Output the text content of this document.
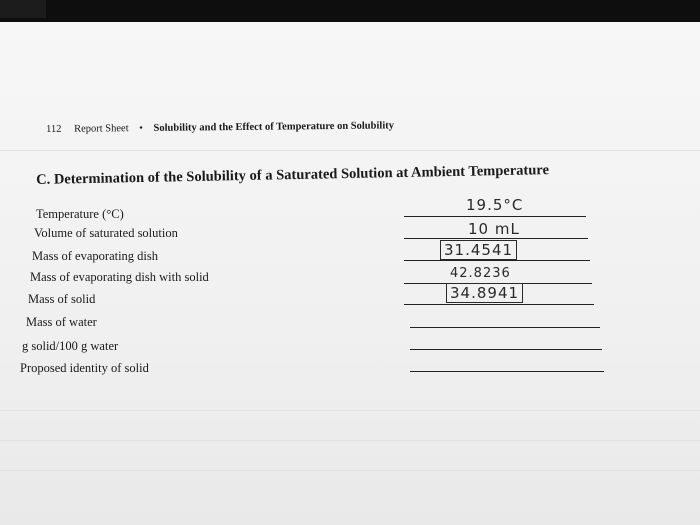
112 Report Sheet • Solubility and the Effect of Temperature on Solubility
C. Determination of the Solubility of a Saturated Solution at Ambient Temperature
Temperature (°C)	19.5°C
Volume of saturated solution	10 mL
Mass of evaporating dish	31.4541
Mass of evaporating dish with solid	42.8236
Mass of solid	34.8941
Mass of water
g solid/100 g water
Proposed identity of solid
